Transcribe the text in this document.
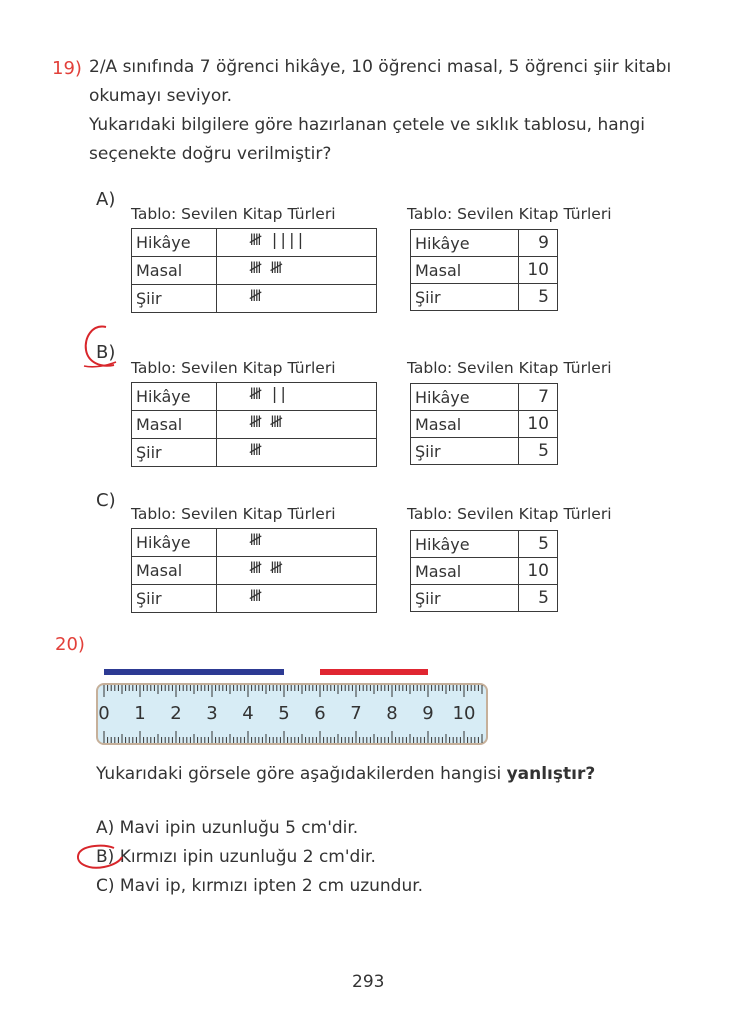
19) 2/A sınıfında 7 öğrenci hikâye, 10 öğrenci masal, 5 öğrenci şiir kitabı
okumayı seviyor.
Yukarıdaki bilgilere göre hazırlanan çetele ve sıklık tablosu, hangi
seçenekte doğru verilmiştir?
A)
Tablo: Sevilen Kitap Türleri
Hikâye	𝍸 ||||
Masal	𝍸 𝍸
Şiir	𝍸
Tablo: Sevilen Kitap Türleri
Hikâye	9
Masal	10
Şiir	5
B)
Tablo: Sevilen Kitap Türleri
Hikâye	𝍸 ||
Masal	𝍸 𝍸
Şiir	𝍸
Tablo: Sevilen Kitap Türleri
Hikâye	7
Masal	10
Şiir	5
C)
Tablo: Sevilen Kitap Türleri
Hikâye	𝍸
Masal	𝍸 𝍸
Şiir	𝍸
Tablo: Sevilen Kitap Türleri
Hikâye	5
Masal	10
Şiir	5
20)
0 1 2 3 4 5 6 7 8 9 10
Yukarıdaki görsele göre aşağıdakilerden hangisi yanlıştır?
A) Mavi ipin uzunluğu 5 cm'dir.
B) Kırmızı ipin uzunluğu 2 cm'dir.
C) Mavi ip, kırmızı ipten 2 cm uzundur.
293
